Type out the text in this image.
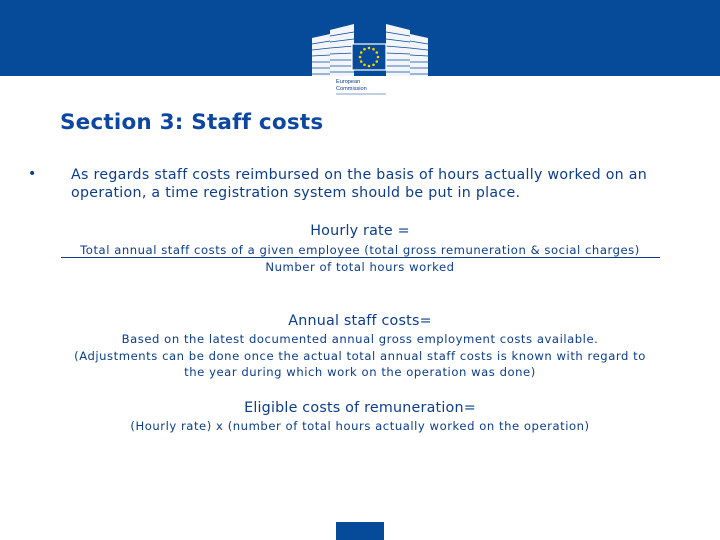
European
Commission
Section 3: Staff costs
• As regards staff costs reimbursed on the basis of hours actually worked on an operation, a time registration system should be put in place.
Hourly rate =
Total annual staff costs of a given employee (total gross remuneration & social charges)
Number of total hours worked
Annual staff costs=
Based on the latest documented annual gross employment costs available.
(Adjustments can be done once the actual total annual staff costs is known with regard to
the year during which work on the operation was done)
Eligible costs of remuneration=
(Hourly rate) x (number of total hours actually worked on the operation)
